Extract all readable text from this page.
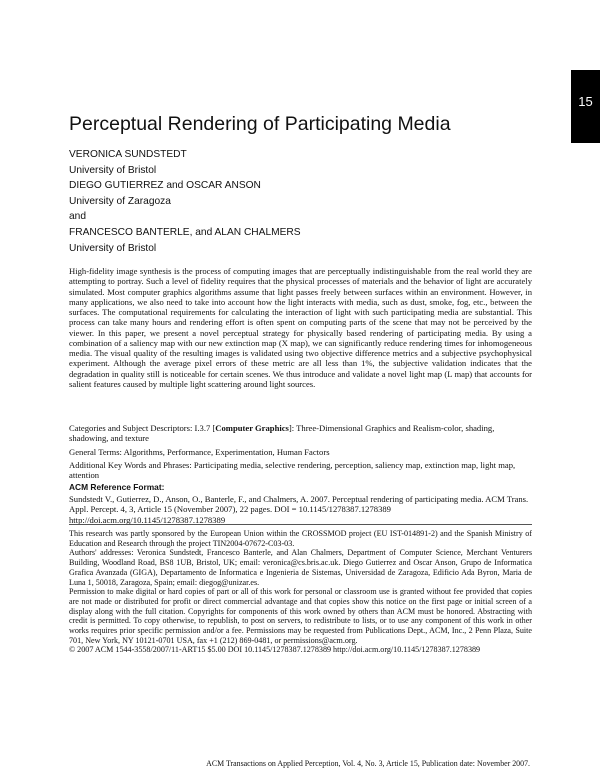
15
Perceptual Rendering of Participating Media
VERONICA SUNDSTEDT
University of Bristol
DIEGO GUTIERREZ and OSCAR ANSON
University of Zaragoza
and
FRANCESCO BANTERLE, and ALAN CHALMERS
University of Bristol
High-fidelity image synthesis is the process of computing images that are perceptually indistinguishable from the real world they are attempting to portray. Such a level of fidelity requires that the physical processes of materials and the behavior of light are accurately simulated. Most computer graphics algorithms assume that light passes freely between surfaces within an environment. However, in many applications, we also need to take into account how the light interacts with media, such as dust, smoke, fog, etc., between the surfaces. The computational requirements for calculating the interaction of light with such participating media are substantial. This process can take many hours and rendering effort is often spent on computing parts of the scene that may not be perceived by the viewer. In this paper, we present a novel perceptual strategy for physically based rendering of participating media. By using a combination of a saliency map with our new extinction map (X map), we can significantly reduce rendering times for inhomogeneous media. The visual quality of the resulting images is validated using two objective difference metrics and a subjective psychophysical experiment. Although the average pixel errors of these metric are all less than 1%, the subjective validation indicates that the degradation in quality still is noticeable for certain scenes. We thus introduce and validate a novel light map (L map) that accounts for salient features caused by multiple light scattering around light sources.
Categories and Subject Descriptors: I.3.7 [Computer Graphics]: Three-Dimensional Graphics and Realism-color, shading, shadowing, and texture
General Terms: Algorithms, Performance, Experimentation, Human Factors
Additional Key Words and Phrases: Participating media, selective rendering, perception, saliency map, extinction map, light map, attention
ACM Reference Format:
Sundstedt V., Gutierrez, D., Anson, O., Banterle, F., and Chalmers, A. 2007. Perceptual rendering of participating media. ACM Trans. Appl. Percept. 4, 3, Article 15 (November 2007), 22 pages. DOI = 10.1145/1278387.1278389 http://doi.acm.org/10.1145/1278387.1278389

This research was partly sponsored by the European Union within the CROSSMOD project (EU IST-014891-2) and the Spanish Ministry of Education and Research through the project TIN2004-07672-C03-03.

Authors' addresses: Veronica Sundstedt, Francesco Banterle, and Alan Chalmers, Department of Computer Science, Merchant Venturers Building, Woodland Road, BS8 1UB, Bristol, UK; email: veronica@cs.bris.ac.uk. Diego Gutierrez and Oscar Anson, Grupo de Informatica Grafica Avanzada (GIGA), Departamento de Informatica e Ingenieria de Sistemas, Universidad de Zaragoza, Edificio Ada Byron, Maria de Luna 1, 50018, Zaragoza, Spain; email: diegog@unizar.es.

Permission to make digital or hard copies of part or all of this work for personal or classroom use is granted without fee provided that copies are not made or distributed for profit or direct commercial advantage and that copies show this notice on the first page or initial screen of a display along with the full citation. Copyrights for components of this work owned by others than ACM must be honored. Abstracting with credit is permitted. To copy otherwise, to republish, to post on servers, to redistribute to lists, or to use any component of this work in other works requires prior specific permission and/or a fee. Permissions may be requested from Publications Dept., ACM, Inc., 2 Penn Plaza, Suite 701, New York, NY 10121-0701 USA, fax +1 (212) 869-0481, or permissions@acm.org.

© 2007 ACM 1544-3558/2007/11-ART15 $5.00 DOI 10.1145/1278387.1278389 http://doi.acm.org/10.1145/1278387.1278389

ACM Transactions on Applied Perception, Vol. 4, No. 3, Article 15, Publication date: November 2007.
